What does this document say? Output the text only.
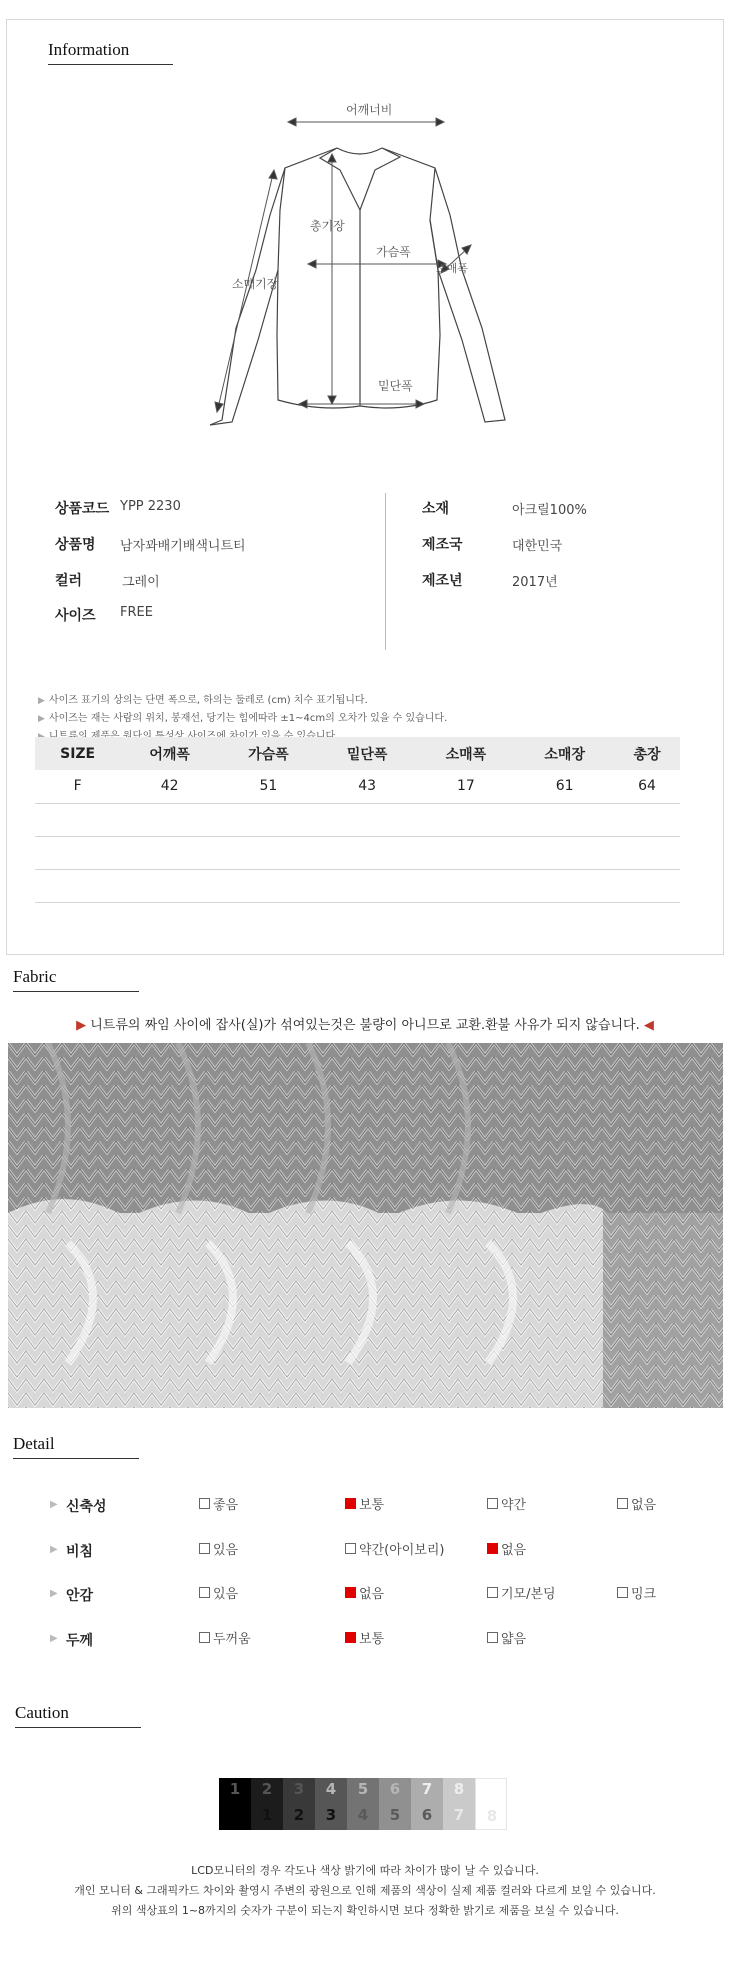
Information
어깨너비
총기장
가슴폭
소매폭
소매기장
밑단폭
상품코드 YPP 2230
상품명 남자꽈배기배색니트티
컬러	그레이
사이즈 FREE
소재	아크릴100%
제조국	대한민국
제조년	2017년
▶ 사이즈 표기의 상의는 단면 폭으로, 하의는 둘레로 (cm) 치수 표기됩니다.
▶ 사이즈는 재는 사람의 위치, 봉재선, 당기는 힘에따라 ±1~4cm의 오차가 있을 수 있습니다.
▶
SIZE	어깨폭	가슴폭	밑단폭	소매폭	소매장	총장
F	42	51	43	17	61	64

Fabric
▶ 니트류의 짜임 사이에 잡사(실)가 섞여있는것은 불량이 아니므로 교환.환불 사유가 되지 않습니다. ◀
Detail
▶ 신축성	좋음	보통	약간	없음
▶ 비침	있음	약간(아이보리)	없음
▶ 안감	있음	없음	기모/본딩	밍크
▶ 두께	두꺼움	보통	얇음
Caution
1	2
1
3
2
4
3
5
4
6
5
7
6
8
7	8
LCD모니터의 경우 각도나 색상 밝기에 따라 차이가 많이 날 수 있습니다.
개인 모니터 & 그래픽카드 차이와 촬영시 주변의 광원으로 인해 제품의 색상이 실제 제품 컬러와 다르게 보일 수 있습니다.
위의 색상표의 1~8까지의 숫자가 구분이 되는지 확인하시면 보다 정확한 밝기로 제품을 보실 수 있습니다.
